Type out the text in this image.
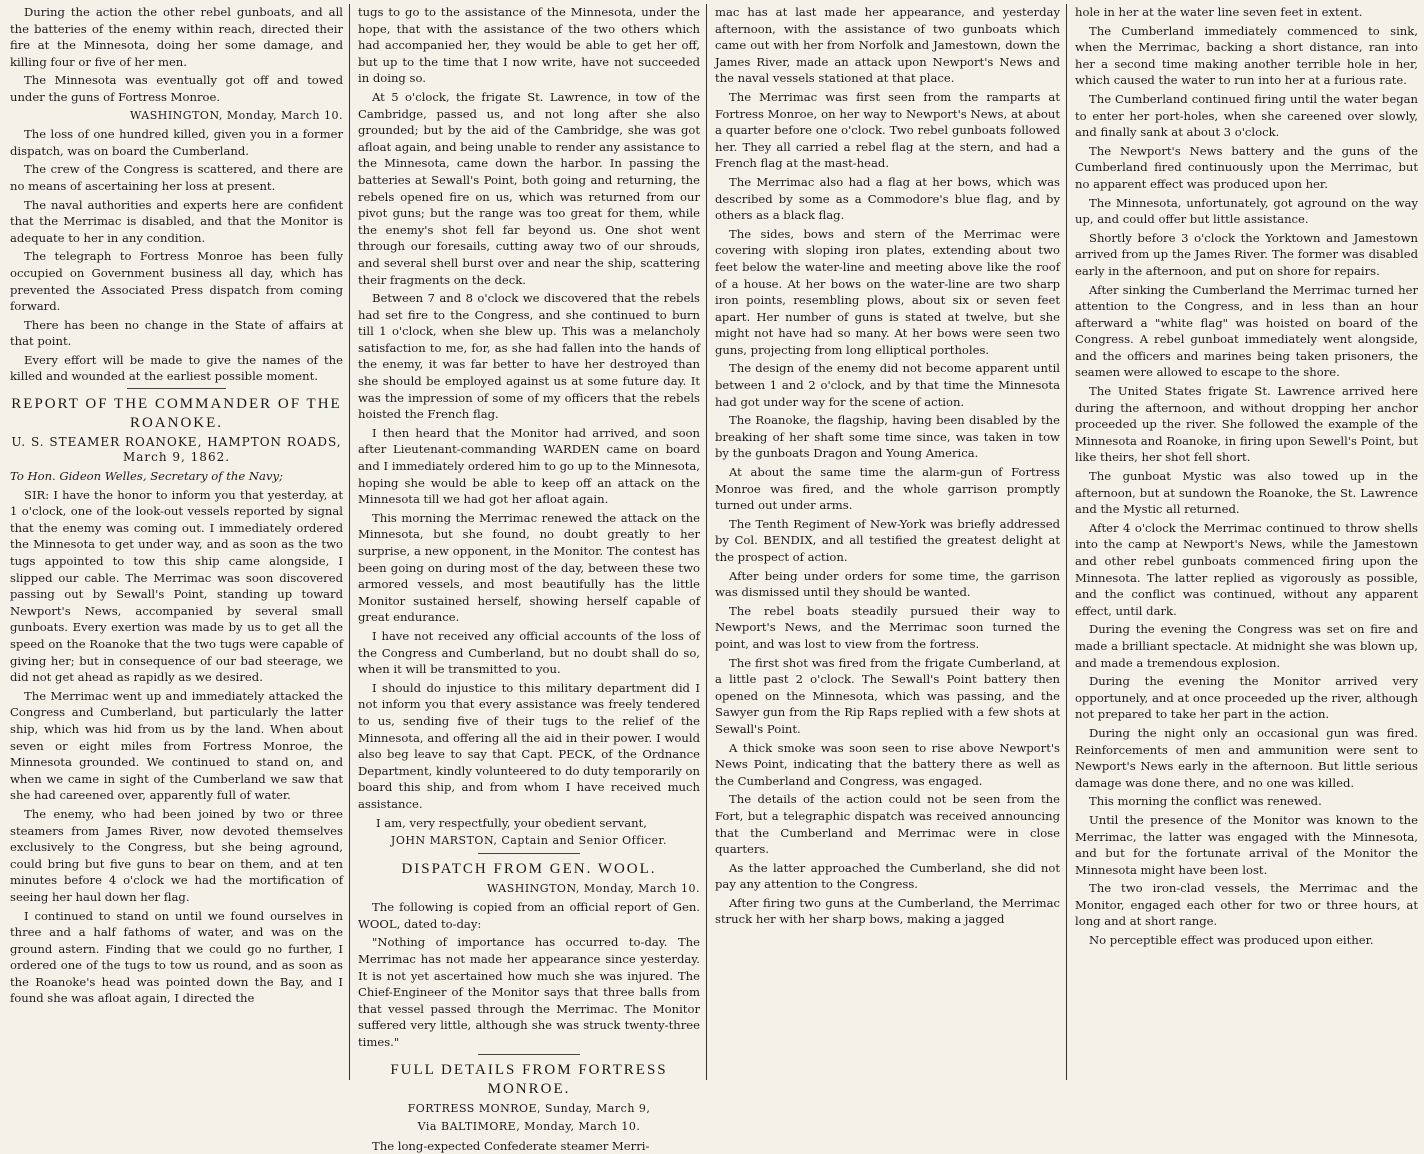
During the action the other rebel gunboats, and all the batteries of the enemy within reach, directed their fire at the Minnesota, doing her some damage, and killing four or five of her men.

The Minnesota was eventually got off and towed under the guns of Fortress Monroe.

WASHINGTON, Monday, March 10.

The loss of one hundred killed, given you in a former dispatch, was on board the Cumberland.

The crew of the Congress is scattered, and there are no means of ascertaining her loss at present.

The naval authorities and experts here are confident that the Merrimac is disabled, and that the Monitor is adequate to her in any condition.

The telegraph to Fortress Monroe has been fully occupied on Government business all day, which has prevented the Associated Press dispatch from coming forward.

There has been no change in the State of affairs at that point.

Every effort will be made to give the names of the killed and wounded at the earliest possible moment.

REPORT OF THE COMMANDER OF THE ROANOKE.

U. S. STEAMER ROANOKE, HAMPTON ROADS, March 9, 1862.

To Hon. Gideon Welles, Secretary of the Navy;

SIR: I have the honor to inform you that yesterday, at 1 o'clock, one of the look-out vessels reported by signal that the enemy was coming out. I immediately ordered the Minnesota to get under way, and as soon as the two tugs appointed to tow this ship came alongside, I slipped our cable. The Merrimac was soon discovered passing out by Sewall's Point, standing up toward Newport's News, accompanied by several small gunboats. Every exertion was made by us to get all the speed on the Roanoke that the two tugs were capable of giving her; but in consequence of our bad steerage, we did not get ahead as rapidly as we desired.

The Merrimac went up and immediately attacked the Congress and Cumberland, but particularly the latter ship, which was hid from us by the land. When about seven or eight miles from Fortress Monroe, the Minnesota grounded. We continued to stand on, and when we came in sight of the Cumberland we saw that she had careened over, apparently full of water.

The enemy, who had been joined by two or three steamers from James River, now devoted themselves exclusively to the Congress, but she being aground, could bring but five guns to bear on them, and at ten minutes before 4 o'clock we had the mortification of seeing her haul down her flag.

I continued to stand on until we found ourselves in three and a half fathoms of water, and was on the ground astern. Finding that we could go no further, I ordered one of the tugs to tow us round, and as soon as the Roanoke's head was pointed down the Bay, and I found she was afloat again, I directed the

tugs to go to the assistance of the Minnesota, under the hope, that with the assistance of the two others which had accompanied her, they would be able to get her off, but up to the time that I now write, have not succeeded in doing so.

At 5 o'clock, the frigate St. Lawrence, in tow of the Cambridge, passed us, and not long after she also grounded; but by the aid of the Cambridge, she was got afloat again, and being unable to render any assistance to the Minnesota, came down the harbor. In passing the batteries at Sewall's Point, both going and returning, the rebels opened fire on us, which was returned from our pivot guns; but the range was too great for them, while the enemy's shot fell far beyond us. One shot went through our foresails, cutting away two of our shrouds, and several shell burst over and near the ship, scattering their fragments on the deck.

Between 7 and 8 o'clock we discovered that the rebels had set fire to the Congress, and she continued to burn till 1 o'clock, when she blew up. This was a melancholy satisfaction to me, for, as she had fallen into the hands of the enemy, it was far better to have her destroyed than she should be employed against us at some future day. It was the impression of some of my officers that the rebels hoisted the French flag.

I then heard that the Monitor had arrived, and soon after Lieutenant-commanding WARDEN came on board and I immediately ordered him to go up to the Minnesota, hoping she would be able to keep off an attack on the Minnesota till we had got her afloat again.

This morning the Merrimac renewed the attack on the Minnesota, but she found, no doubt greatly to her surprise, a new opponent, in the Monitor. The contest has been going on during most of the day, between these two armored vessels, and most beautifully has the little Monitor sustained herself, showing herself capable of great endurance.

I have not received any official accounts of the loss of the Congress and Cumberland, but no doubt shall do so, when it will be transmitted to you.

I should do injustice to this military department did I not inform you that every assistance was freely tendered to us, sending five of their tugs to the relief of the Minnesota, and offering all the aid in their power. I would also beg leave to say that Capt. PECK, of the Ordnance Department, kindly volunteered to do duty temporarily on board this ship, and from whom I have received much assistance.

I am, very respectfully, your obedient servant,

JOHN MARSTON, Captain and Senior Officer.

DISPATCH FROM GEN. WOOL.

WASHINGTON, Monday, March 10.

The following is copied from an official report of Gen. WOOL, dated to-day:

"Nothing of importance has occurred to-day. The Merrimac has not made her appearance since yesterday. It is not yet ascertained how much she was injured. The Chief-Engineer of the Monitor says that three balls from that vessel passed through the Merrimac. The Monitor suffered very little, although she was struck twenty-three times."

FULL DETAILS FROM FORTRESS MONROE.

FORTRESS MONROE, Sunday, March 9,

Via BALTIMORE, Monday, March 10.

The long-expected Confederate steamer Merri-

mac has at last made her appearance, and yesterday afternoon, with the assistance of two gunboats which came out with her from Norfolk and Jamestown, down the James River, made an attack upon Newport's News and the naval vessels stationed at that place.

The Merrimac was first seen from the ramparts at Fortress Monroe, on her way to Newport's News, at about a quarter before one o'clock. Two rebel gunboats followed her. They all carried a rebel flag at the stern, and had a French flag at the mast-head.

The Merrimac also had a flag at her bows, which was described by some as a Commodore's blue flag, and by others as a black flag.

The sides, bows and stern of the Merrimac were covering with sloping iron plates, extending about two feet below the water-line and meeting above like the roof of a house. At her bows on the water-line are two sharp iron points, resembling plows, about six or seven feet apart. Her number of guns is stated at twelve, but she might not have had so many. At her bows were seen two guns, projecting from long elliptical portholes.

The design of the enemy did not become apparent until between 1 and 2 o'clock, and by that time the Minnesota had got under way for the scene of action.

The Roanoke, the flagship, having been disabled by the breaking of her shaft some time since, was taken in tow by the gunboats Dragon and Young America.

At about the same time the alarm-gun of Fortress Monroe was fired, and the whole garrison promptly turned out under arms.

The Tenth Regiment of New-York was briefly addressed by Col. BENDIX, and all testified the greatest delight at the prospect of action.

After being under orders for some time, the garrison was dismissed until they should be wanted.

The rebel boats steadily pursued their way to Newport's News, and the Merrimac soon turned the point, and was lost to view from the fortress.

The first shot was fired from the frigate Cumberland, at a little past 2 o'clock. The Sewall's Point battery then opened on the Minnesota, which was passing, and the Sawyer gun from the Rip Raps replied with a few shots at Sewall's Point.

A thick smoke was soon seen to rise above Newport's News Point, indicating that the battery there as well as the Cumberland and Congress, was engaged.

The details of the action could not be seen from the Fort, but a telegraphic dispatch was received announcing that the Cumberland and Merrimac were in close quarters.

As the latter approached the Cumberland, she did not pay any attention to the Congress.

After firing two guns at the Cumberland, the Merrimac struck her with her sharp bows, making a jagged

hole in her at the water line seven feet in extent.

The Cumberland immediately commenced to sink, when the Merrimac, backing a short distance, ran into her a second time making another terrible hole in her, which caused the water to run into her at a furious rate.

The Cumberland continued firing until the water began to enter her port-holes, when she careened over slowly, and finally sank at about 3 o'clock.

The Newport's News battery and the guns of the Cumberland fired continuously upon the Merrimac, but no apparent effect was produced upon her.

The Minnesota, unfortunately, got aground on the way up, and could offer but little assistance.

Shortly before 3 o'clock the Yorktown and Jamestown arrived from up the James River. The former was disabled early in the afternoon, and put on shore for repairs.

After sinking the Cumberland the Merrimac turned her attention to the Congress, and in less than an hour afterward a "white flag" was hoisted on board of the Congress. A rebel gunboat immediately went alongside, and the officers and marines being taken prisoners, the seamen were allowed to escape to the shore.

The United States frigate St. Lawrence arrived here during the afternoon, and without dropping her anchor proceeded up the river. She followed the example of the Minnesota and Roanoke, in firing upon Sewell's Point, but like theirs, her shot fell short.

The gunboat Mystic was also towed up in the afternoon, but at sundown the Roanoke, the St. Lawrence and the Mystic all returned.

After 4 o'clock the Merrimac continued to throw shells into the camp at Newport's News, while the Jamestown and other rebel gunboats commenced firing upon the Minnesota. The latter replied as vigorously as possible, and the conflict was continued, without any apparent effect, until dark.

During the evening the Congress was set on fire and made a brilliant spectacle. At midnight she was blown up, and made a tremendous explosion.

During the evening the Monitor arrived very opportunely, and at once proceeded up the river, although not prepared to take her part in the action.

During the night only an occasional gun was fired. Reinforcements of men and ammunition were sent to Newport's News early in the afternoon. But little serious damage was done there, and no one was killed.

This morning the conflict was renewed.

Until the presence of the Monitor was known to the Merrimac, the latter was engaged with the Minnesota, and but for the fortunate arrival of the Monitor the Minnesota might have been lost.

The two iron-clad vessels, the Merrimac and the Monitor, engaged each other for two or three hours, at long and at short range.

No perceptible effect was produced upon either.
